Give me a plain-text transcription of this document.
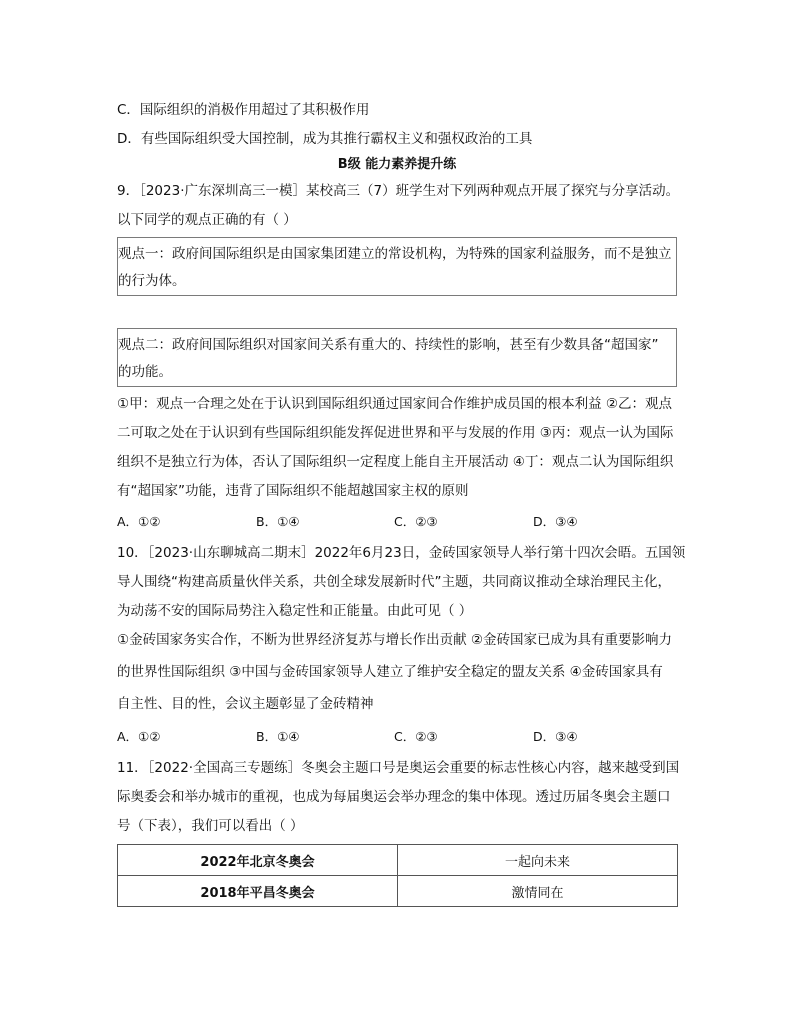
C．国际组织的消极作用超过了其积极作用
D．有些国际组织受大国控制，成为其推行霸权主义和强权政治的工具
B级 能力素养提升练
9．［2023·广东深圳高三一模］某校高三（7）班学生对下列两种观点开展了探究与分享活动。
以下同学的观点正确的有（ ）
观点一：政府间国际组织是由国家集团建立的常设机构，为特殊的国家利益服务，而不是独立
的行为体。
观点二：政府间国际组织对国家间关系有重大的、持续性的影响，甚至有少数具备“超国家”
的功能。
①甲：观点一合理之处在于认识到国际组织通过国家间合作维护成员国的根本利益 ②乙：观点
二可取之处在于认识到有些国际组织能发挥促进世界和平与发展的作用 ③丙：观点一认为国际
组织不是独立行为体，否认了国际组织一定程度上能自主开展活动 ④丁：观点二认为国际组织
有“超国家”功能，违背了国际组织不能超越国家主权的原则
A．①②	B．①④	C．②③	D．③④
10．［2023·山东聊城高二期末］2022年6月23日，金砖国家领导人举行第十四次会晤。五国领
导人围绕“构建高质量伙伴关系，共创全球发展新时代”主题，共同商议推动全球治理民主化，
为动荡不安的国际局势注入稳定性和正能量。由此可见（ ）
①金砖国家务实合作，不断为世界经济复苏与增长作出贡献 ②金砖国家已成为具有重要影响力
的世界性国际组织 ③中国与金砖国家领导人建立了维护安全稳定的盟友关系 ④金砖国家具有
自主性、目的性，会议主题彰显了金砖精神
A．①②	B．①④	C．②③	D．③④
11．［2022·全国高三专题练］冬奥会主题口号是奥运会重要的标志性核心内容，越来越受到国
际奥委会和举办城市的重视，也成为每届奥运会举办理念的集中体现。透过历届冬奥会主题口
号（下表），我们可以看出（ ）
2022年北京冬奥会	一起向未来
2018年平昌冬奥会	激情同在
